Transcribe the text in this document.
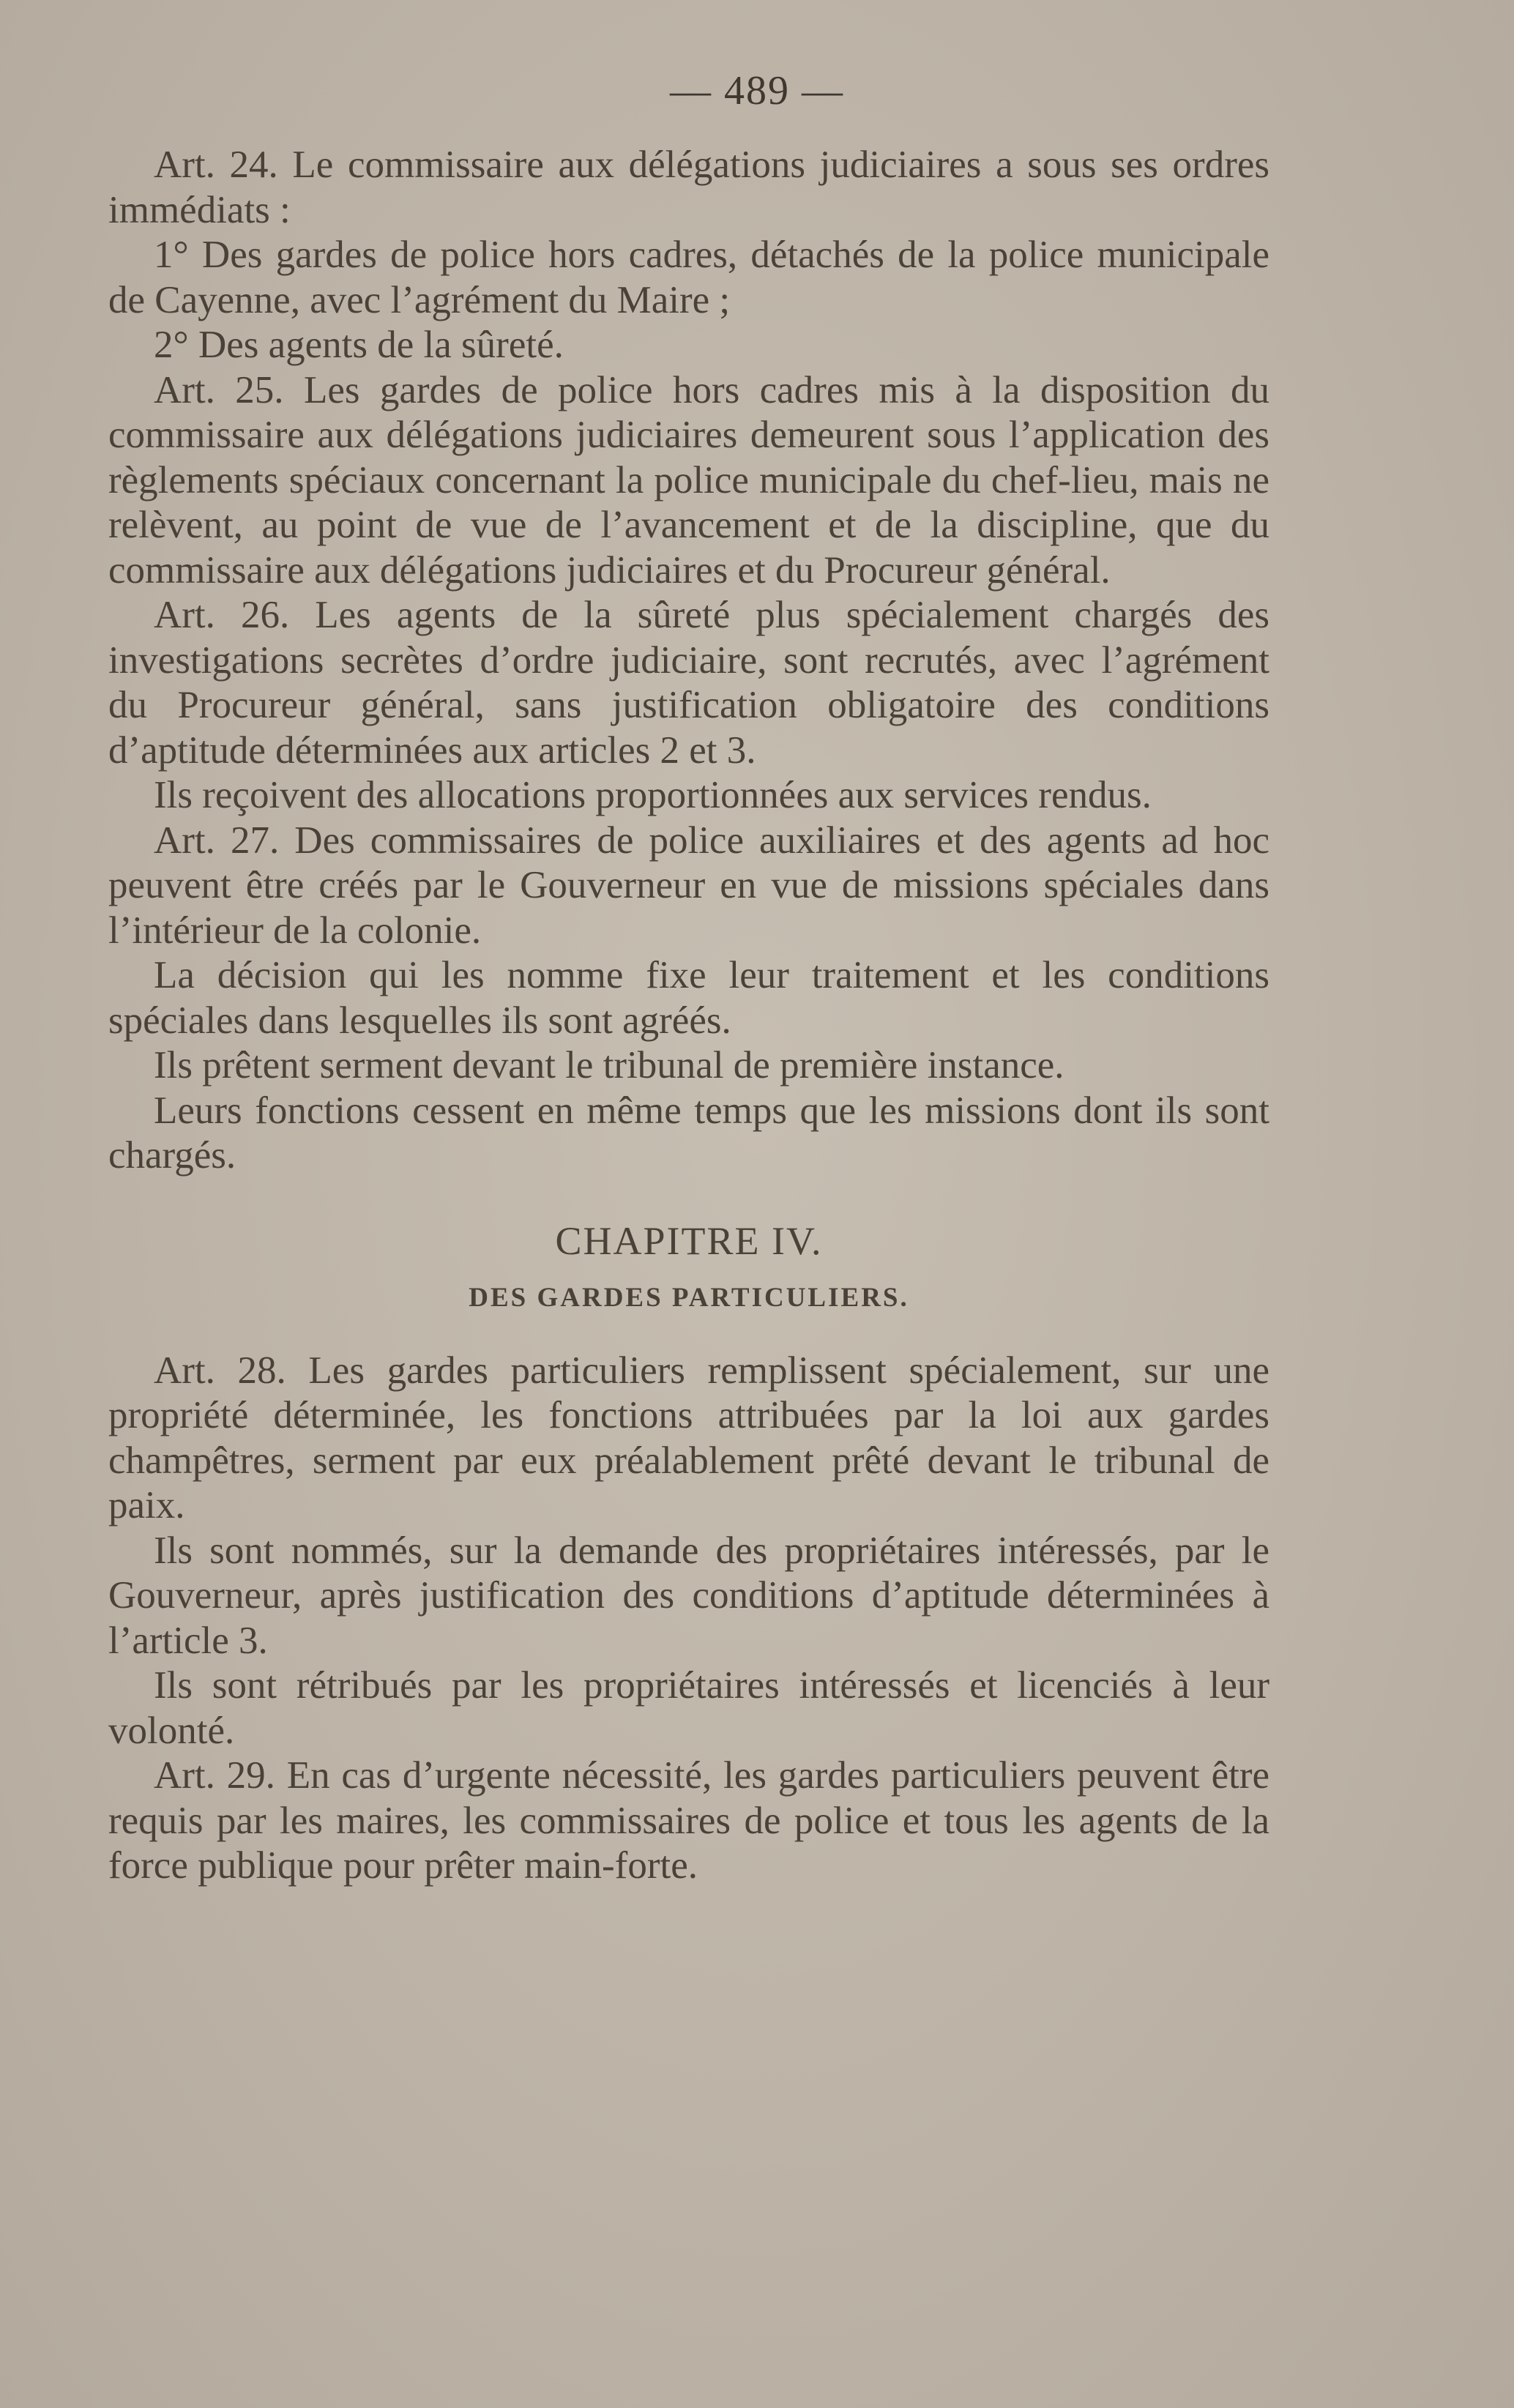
— 489 —

Art. 24. Le commissaire aux délégations judiciaires a sous ses ordres immédiats :

1° Des gardes de police hors cadres, détachés de la police municipale de Cayenne, avec l’agrément du Maire ;

2° Des agents de la sûreté.

Art. 25. Les gardes de police hors cadres mis à la disposition du commissaire aux délégations judiciaires demeurent sous l’application des règlements spéciaux concernant la police municipale du chef-lieu, mais ne relèvent, au point de vue de l’avancement et de la discipline, que du commissaire aux délégations judiciaires et du Procureur général.

Art. 26. Les agents de la sûreté plus spécialement chargés des investigations secrètes d’ordre judiciaire, sont recrutés, avec l’agrément du Procureur général, sans justification obligatoire des conditions d’aptitude déterminées aux articles 2 et 3.

Ils reçoivent des allocations proportionnées aux services rendus.

Art. 27. Des commissaires de police auxiliaires et des agents ad hoc peuvent être créés par le Gouverneur en vue de missions spéciales dans l’intérieur de la colonie.

La décision qui les nomme fixe leur traitement et les conditions spéciales dans lesquelles ils sont agréés.

Ils prêtent serment devant le tribunal de première instance.

Leurs fonctions cessent en même temps que les missions dont ils sont chargés.

CHAPITRE IV.
DES GARDES PARTICULIERS.

Art. 28. Les gardes particuliers remplissent spécialement, sur une propriété déterminée, les fonctions attribuées par la loi aux gardes champêtres, serment par eux préalablement prêté devant le tribunal de paix.

Ils sont nommés, sur la demande des propriétaires intéressés, par le Gouverneur, après justification des conditions d’aptitude déterminées à l’article 3.

Ils sont rétribués par les propriétaires intéressés et licenciés à leur volonté.

Art. 29. En cas d’urgente nécessité, les gardes particuliers peuvent être requis par les maires, les commissaires de police et tous les agents de la force publique pour prêter main-forte.
